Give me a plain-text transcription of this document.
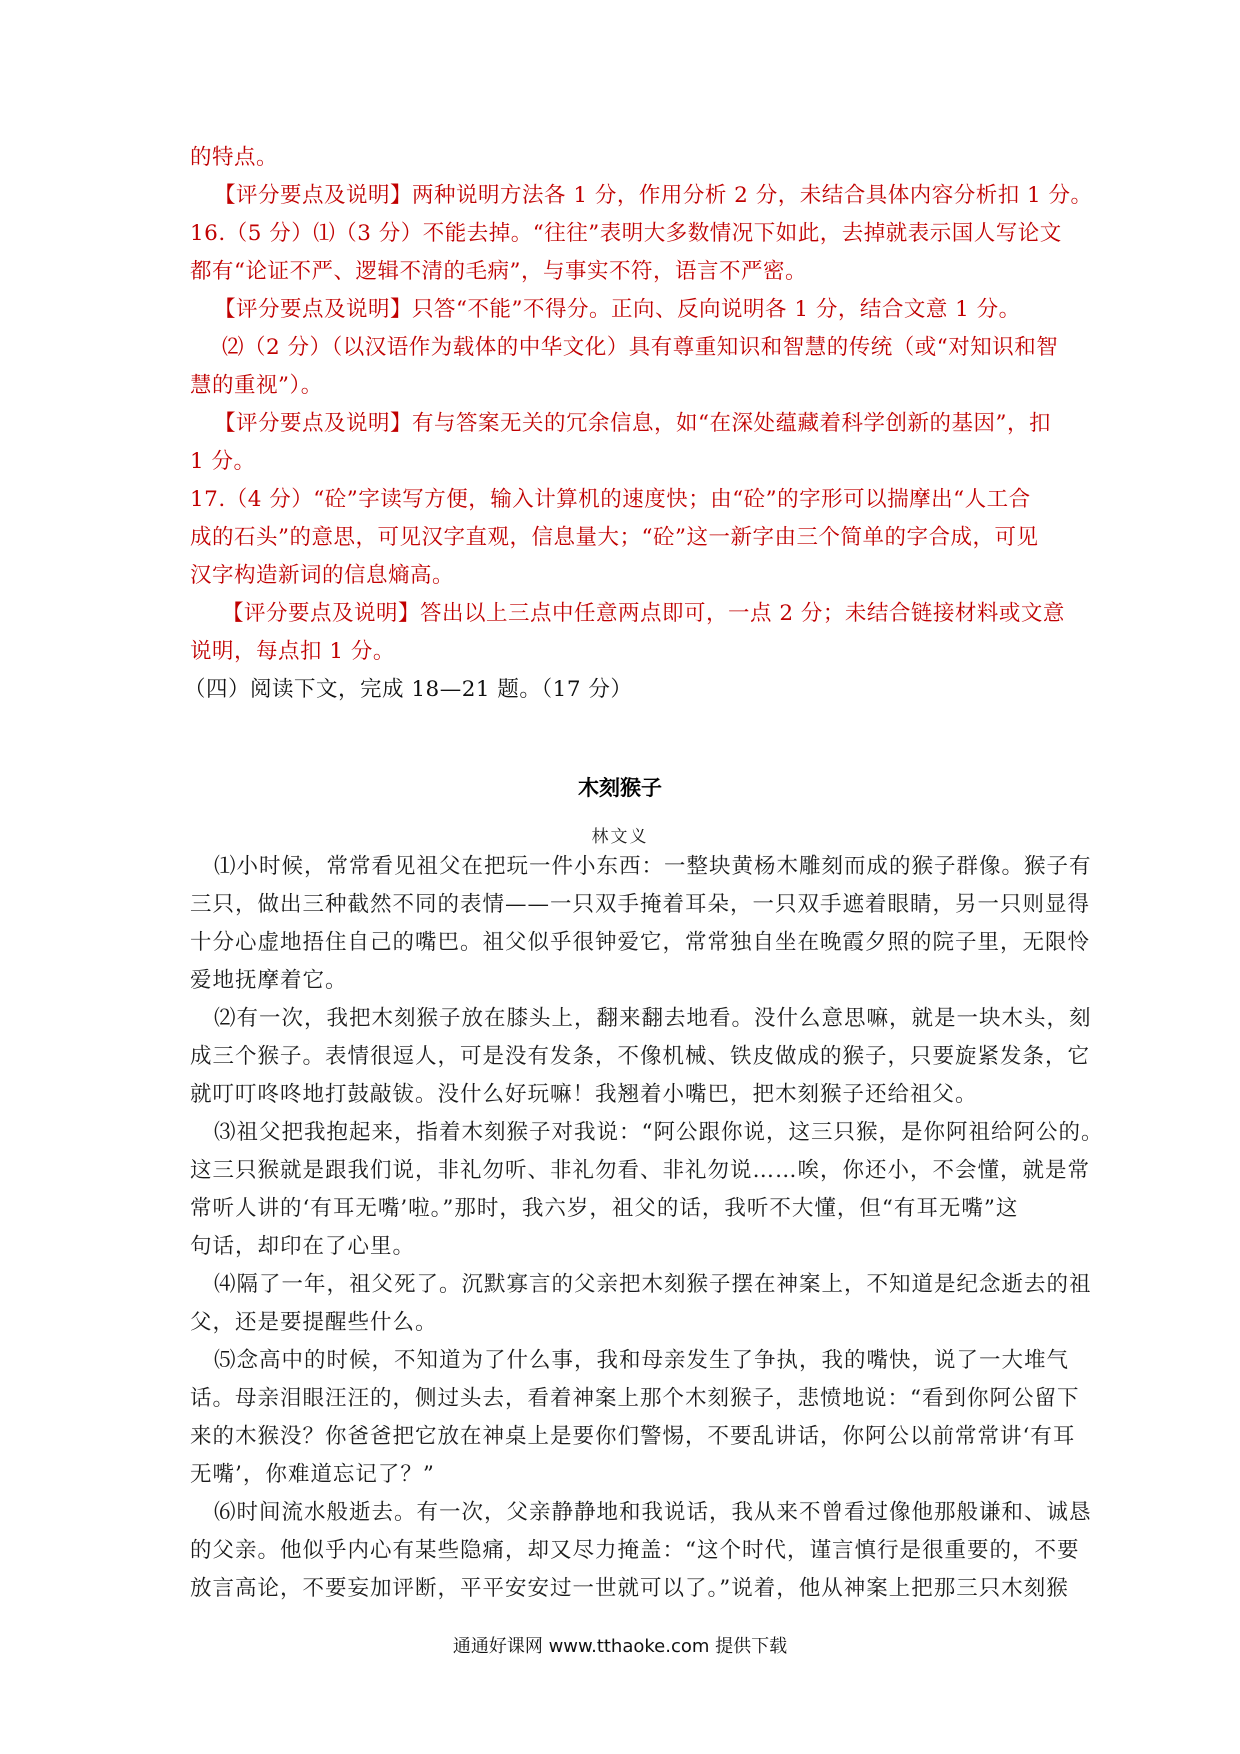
的特点。
【评分要点及说明】两种说明方法各 1 分，作用分析 2 分，未结合具体内容分析扣 1 分。
16.（5 分）⑴（3 分）不能去掉。“往往”表明大多数情况下如此，去掉就表示国人写论文
都有“论证不严、逻辑不清的毛病”，与事实不符，语言不严密。
【评分要点及说明】只答“不能”不得分。正向、反向说明各 1 分，结合文意 1 分。
⑵（2 分）（以汉语作为载体的中华文化）具有尊重知识和智慧的传统（或“对知识和智
慧的重视”）。
【评分要点及说明】有与答案无关的冗余信息，如“在深处蕴藏着科学创新的基因”，扣
1 分。
17.（4 分）“砼”字读写方便，输入计算机的速度快；由“砼”的字形可以揣摩出“人工合
成的石头”的意思，可见汉字直观，信息量大；“砼”这一新字由三个简单的字合成，可见
汉字构造新词的信息熵高。
【评分要点及说明】答出以上三点中任意两点即可，一点 2 分；未结合链接材料或文意
说明，每点扣 1 分。
（四）阅读下文，完成 18—21 题。（17 分）
木刻猴子
林文义
⑴小时候，常常看见祖父在把玩一件小东西：一整块黄杨木雕刻而成的猴子群像。猴子有
三只，做出三种截然不同的表情——一只双手掩着耳朵，一只双手遮着眼睛，另一只则显得
十分心虚地捂住自己的嘴巴。祖父似乎很钟爱它，常常独自坐在晚霞夕照的院子里，无限怜
爱地抚摩着它。
⑵有一次，我把木刻猴子放在膝头上，翻来翻去地看。没什么意思嘛，就是一块木头，刻
成三个猴子。表情很逗人，可是没有发条，不像机械、铁皮做成的猴子，只要旋紧发条，它
就叮叮咚咚地打鼓敲钹。没什么好玩嘛！我翘着小嘴巴，把木刻猴子还给祖父。
⑶祖父把我抱起来，指着木刻猴子对我说：“阿公跟你说，这三只猴，是你阿祖给阿公的。
这三只猴就是跟我们说，非礼勿听、非礼勿看、非礼勿说……唉，你还小，不会懂，就是常
常听人讲的‘有耳无嘴’啦。”那时，我六岁，祖父的话，我听不大懂，但“有耳无嘴”这
句话，却印在了心里。
⑷隔了一年，祖父死了。沉默寡言的父亲把木刻猴子摆在神案上，不知道是纪念逝去的祖
父，还是要提醒些什么。
⑸念高中的时候，不知道为了什么事，我和母亲发生了争执，我的嘴快，说了一大堆气
话。母亲泪眼汪汪的，侧过头去，看着神案上那个木刻猴子，悲愤地说：“看到你阿公留下
来的木猴没？你爸爸把它放在神桌上是要你们警惕，不要乱讲话，你阿公以前常常讲‘有耳
无嘴’，你难道忘记了？”
⑹时间流水般逝去。有一次，父亲静静地和我说话，我从来不曾看过像他那般谦和、诚恳
的父亲。他似乎内心有某些隐痛，却又尽力掩盖：“这个时代，谨言慎行是很重要的，不要
放言高论，不要妄加评断，平平安安过一世就可以了。”说着，他从神案上把那三只木刻猴
通通好课网 www.tthaoke.com 提供下载
